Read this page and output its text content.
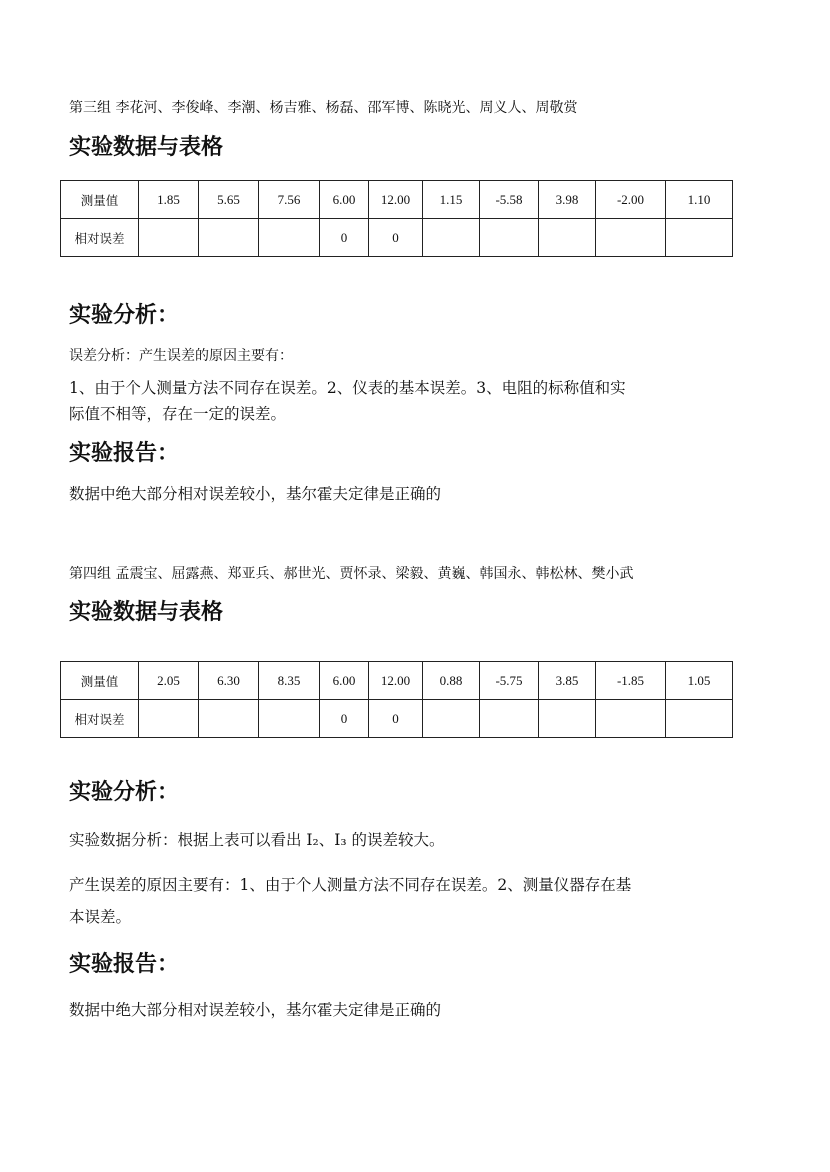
第三组 李花河、李俊峰、李潮、杨吉雅、杨磊、邵军博、陈晓光、周义人、周敬赏
实验数据与表格
测量值	1.85	5.65	7.56	6.00	12.00	1.15	-5.58	3.98	-2.00	1.10
相对误差				0	0					
实验分析：
误差分析：产生误差的原因主要有：
1、由于个人测量方法不同存在误差。2、仪表的基本误差。3、电阻的标称值和实
际值不相等，存在一定的误差。
实验报告：
数据中绝大部分相对误差较小，基尔霍夫定律是正确的
第四组 孟震宝、屈露燕、郑亚兵、郝世光、贾怀录、梁毅、黄巍、韩国永、韩松林、樊小武
实验数据与表格
测量值	2.05	6.30	8.35	6.00	12.00	0.88	-5.75	3.85	-1.85	1.05
相对误差				0	0					
实验分析：
实验数据分析：根据上表可以看出 I₂、I₃ 的误差较大。
产生误差的原因主要有：1、由于个人测量方法不同存在误差。2、测量仪器存在基
本误差。
实验报告：
数据中绝大部分相对误差较小，基尔霍夫定律是正确的
